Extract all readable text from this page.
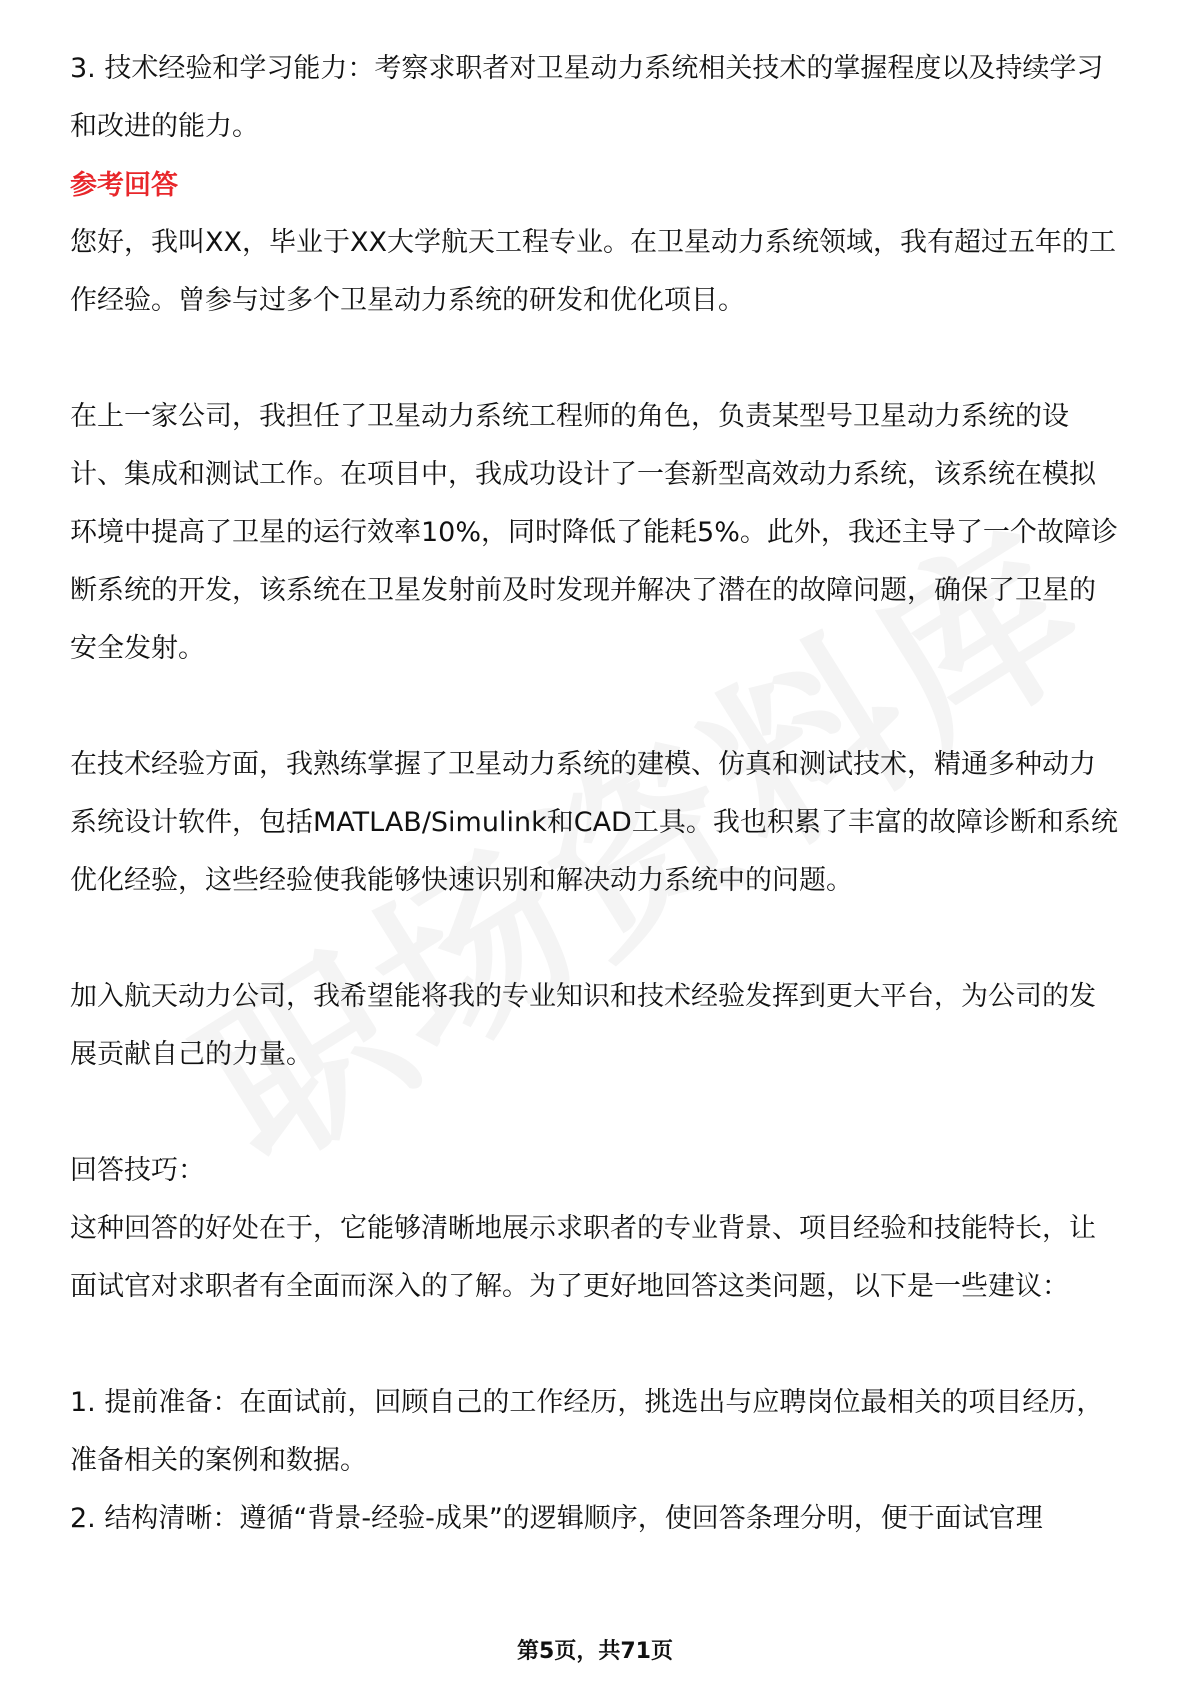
3. 技术经验和学习能力：考察求职者对卫星动力系统相关技术的掌握程度以及持续学习和改进的能力。

参考回答

您好，我叫XX，毕业于XX大学航天工程专业。在卫星动力系统领域，我有超过五年的工作经验。曾参与过多个卫星动力系统的研发和优化项目。

在上一家公司，我担任了卫星动力系统工程师的角色，负责某型号卫星动力系统的设计、集成和测试工作。在项目中，我成功设计了一套新型高效动力系统，该系统在模拟环境中提高了卫星的运行效率10%，同时降低了能耗5%。此外，我还主导了一个故障诊断系统的开发，该系统在卫星发射前及时发现并解决了潜在的故障问题，确保了卫星的安全发射。

在技术经验方面，我熟练掌握了卫星动力系统的建模、仿真和测试技术，精通多种动力系统设计软件，包括MATLAB/Simulink和CAD工具。我也积累了丰富的故障诊断和系统优化经验，这些经验使我能够快速识别和解决动力系统中的问题。

加入航天动力公司，我希望能将我的专业知识和技术经验发挥到更大平台，为公司的发展贡献自己的力量。

回答技巧：

这种回答的好处在于，它能够清晰地展示求职者的专业背景、项目经验和技能特长，让面试官对求职者有全面而深入的了解。为了更好地回答这类问题，以下是一些建议：

1. 提前准备：在面试前，回顾自己的工作经历，挑选出与应聘岗位最相关的项目经历，准备相关的案例和数据。

2. 结构清晰：遵循“背景-经验-成果”的逻辑顺序，使回答条理分明，便于面试官理

第5页，共71页
